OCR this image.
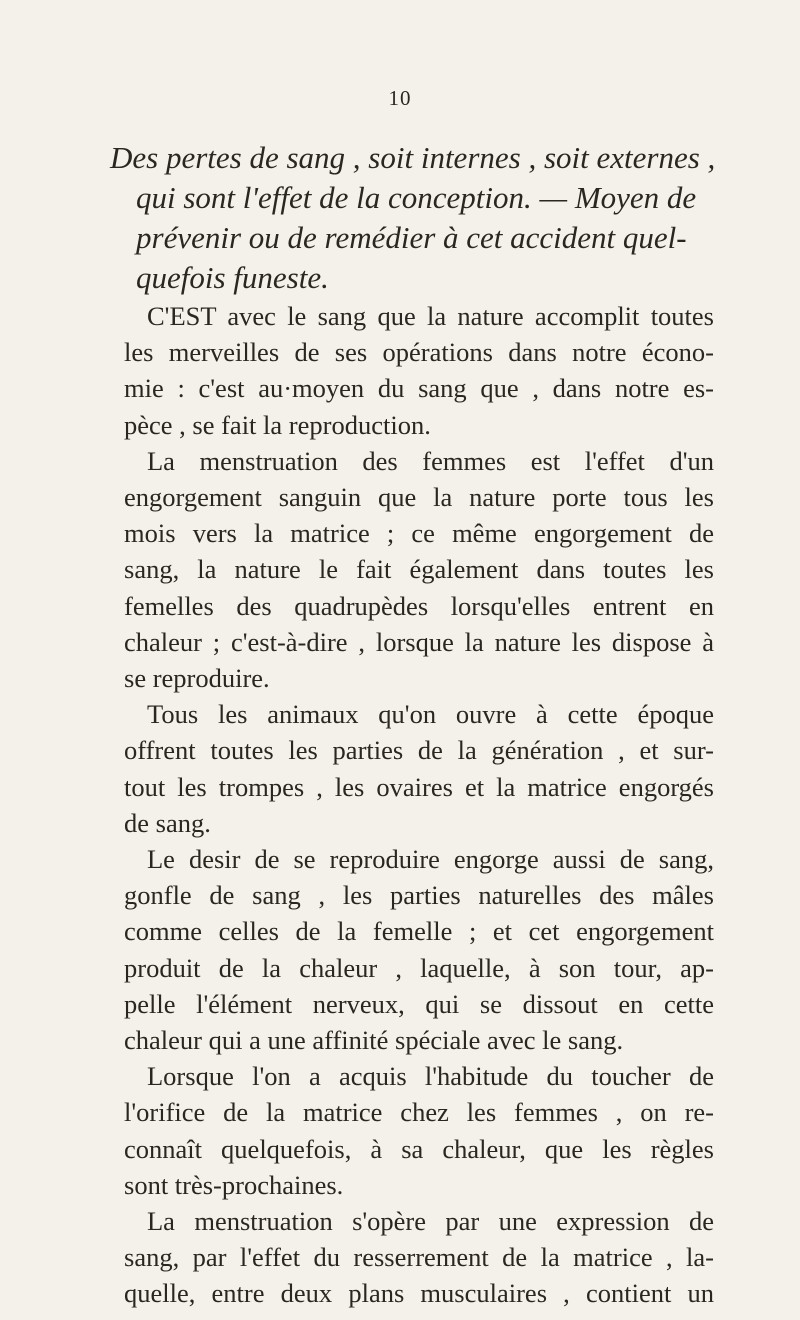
10
Des pertes de sang , soit internes , soit externes ,
qui sont l'effet de la conception. — Moyen de
prévenir ou de remédier à cet accident quel-
quefois funeste.
C'EST avec le sang que la nature accomplit toutes
les merveilles de ses opérations dans notre écono-
mie : c'est au·moyen du sang que , dans notre es-
pèce , se fait la reproduction.
La menstruation des femmes est l'effet d'un
engorgement sanguin que la nature porte tous les
mois vers la matrice ; ce même engorgement de
sang, la nature le fait également dans toutes les
femelles des quadrupèdes lorsqu'elles entrent en
chaleur ; c'est-à-dire , lorsque la nature les dispose à
se reproduire.
Tous les animaux qu'on ouvre à cette époque
offrent toutes les parties de la génération , et sur-
tout les trompes , les ovaires et la matrice engorgés
de sang.
Le desir de se reproduire engorge aussi de sang,
gonfle de sang , les parties naturelles des mâles
comme celles de la femelle ; et cet engorgement
produit de la chaleur , laquelle, à son tour, ap-
pelle l'élément nerveux, qui se dissout en cette
chaleur qui a une affinité spéciale avec le sang.
Lorsque l'on a acquis l'habitude du toucher de
l'orifice de la matrice chez les femmes , on re-
connaît quelquefois, à sa chaleur, que les règles
sont très-prochaines.
La menstruation s'opère par une expression de
sang, par l'effet du resserrement de la matrice , la-
quelle, entre deux plans musculaires , contient un
